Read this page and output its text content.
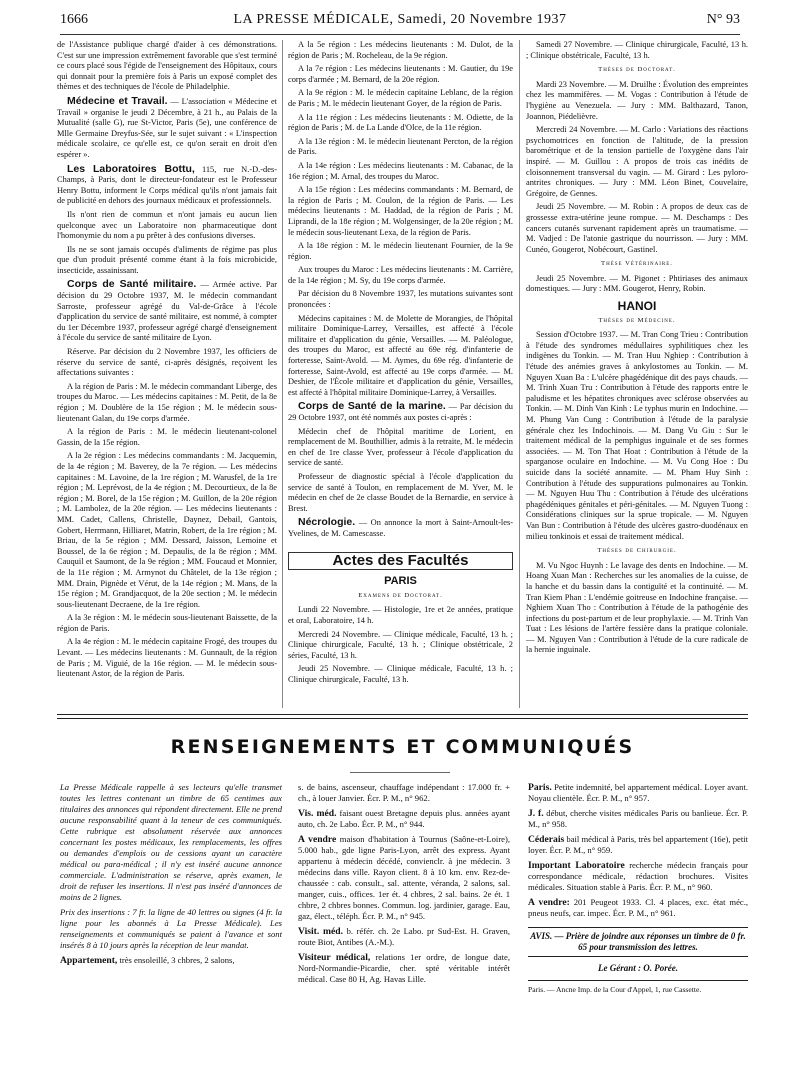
1666	LA PRESSE MÉDICALE, Samedi, 20 Novembre 1937	N° 93

de l'Assistance publique chargé d'aider à ces démonstrations. C'est sur une impression extrêmement favorable que s'est terminé ce cours placé sous l'égide de l'enseignement des Hôpitaux, cours qui donnait pour la première fois à Paris un exposé complet des thèmes et des techniques de l'école de Philadelphie.

Médecine et Travail. — L'association « Médecine et Travail » organise le jeudi 2 Décembre, à 21 h., au Palais de la Mutualité (salle G), rue St-Victor, Paris (5e), une conférence de Mlle Germaine Dreyfus-Sée, sur le sujet suivant : « L'inspection médicale scolaire, ce qu'elle est, ce qu'on serait en droit d'en espérer ».

Les Laboratoires Bottu, 115, rue N.-D.-des-Champs, à Paris, dont le directeur-fondateur est le Professeur Henry Bottu, informent le Corps médical qu'ils n'ont jamais fait de publicité en dehors des journaux médicaux et professionnels.

Ils n'ont rien de commun et n'ont jamais eu aucun lien quelconque avec un Laboratoire non pharmaceutique dont l'homonymie du nom a pu prêter à des confusions diverses.

Ils ne se sont jamais occupés d'aliments de régime pas plus que d'un produit présenté comme étant à la fois microbicide, insecticide, assainissant.

Corps de Santé militaire. — Armée active. Par décision du 29 Octobre 1937, M. le médecin commandant Sarroste, professeur agrégé du Val-de-Grâce à l'école d'application du service de santé militaire, est nommé, à compter du 1er Décembre 1937, professeur agrégé chargé d'enseignement à l'école du service de santé militaire de Lyon.

Réserve. Par décision du 2 Novembre 1937, les officiers de réserve du service de santé, ci-après désignés, reçoivent les affectations suivantes :

A la région de Paris : M. le médecin commandant Liberge, des troupes du Maroc. — Les médecins capitaines : M. Petit, de la 8e région ; M. Doublère de la 15e région ; M. le médecin sous-lieutenant Galan, du 19e corps d'armée.

A la région de Paris : M. le médecin lieutenant-colonel Gassin, de la 15e région.

A la 2e région : Les médecins commandants : M. Jacquemin, de la 4e région ; M. Baverey, de la 7e région. — Les médecins capitaines : M. Lavoine, de la 1re région ; M. Warusfel, de la 1re région ; M. Leprévost, de la 4e région ; M. Decourtieux, de la 8e région ; M. Borel, de la 15e région ; M. Guillon, de la 20e région ; M. Lambolez, de la 20e région. — Les médecins lieutenants : MM. Cadet, Callens, Christelle, Daynez, Debail, Gantois, Gobert, Herrmann, Hilliaret, Matrin, Robert, de la 1re région ; M. Briau, de la 5e région ; MM. Dessard, Jaisson, Lemoine et Boussel, de la 6e région ; M. Depaulis, de la 8e région ; MM. Cauquil et Saumont, de la 9e région ; MM. Foucaud et Monnier, de la 11e région ; M. Armynot du Châtelet, de la 13e région ; MM. Drain, Pignède et Vérut, de la 14e région ; M. Mans, de la 15e région ; M. Grandjacquot, de la 20e section ; M. le médecin sous-lieutenant Decraene, de la 1re région.

A la 3e région : M. le médecin sous-lieutenant Baissette, de la région de Paris.

A la 4e région : M. le médecin capitaine Frogé, des troupes du Levant. — Les médecins lieutenants : M. Gunnault, de la région de Paris ; M. Viguié, de la 16e région. — M. le médecin sous-lieutenant Astor, de la région de Paris.

A la 5e région : Les médecins lieutenants : M. Dulot, de la région de Paris ; M. Rocheleau, de la 9e région.

A la 7e région : Les médecins lieutenants : M. Gautier, du 19e corps d'armée ; M. Bernard, de la 20e région.

A la 9e région : M. le médecin capitaine Leblanc, de la région de Paris ; M. le médecin lieutenant Goyer, de la région de Paris.

A la 11e région : Les médecins lieutenants : M. Odiette, de la région de Paris ; M. de La Lande d'Olce, de la 11e région.

A la 13e région : M. le médecin lieutenant Percton, de la région de Paris.

A la 14e région : Les médecins lieutenants : M. Cabanac, de la 16e région ; M. Arnal, des troupes du Maroc.

A la 15e région : Les médecins commandants : M. Bernard, de la région de Paris ; M. Coulon, de la région de Paris. — Les médecins lieutenants : M. Haddad, de la région de Paris ; M. Liprandi, de la 18e région ; M. Wolgensinger, de la 20e région ; M. le médecin sous-lieutenant Lexa, de la région de Paris.

A la 18e région : M. le médecin lieutenant Fournier, de la 9e région.

Aux troupes du Maroc : Les médecins lieutenants : M. Carrière, de la 14e région ; M. Sy, du 19e corps d'armée.

Par décision du 8 Novembre 1937, les mutations suivantes sont prononcées :

Médecins capitaines : M. de Molette de Morangies, de l'hôpital militaire Dominique-Larrey, Versailles, est affecté à l'école militaire et d'application du génie, Versailles. — M. Paléologue, des troupes du Maroc, est affecté au 69e rég. d'infanterie de forteresse, Saint-Avold. — M. Aymes, du 69e rég. d'infanterie de forteresse, Saint-Avold, est affecté au 19e corps d'armée. — M. Deshier, de l'École militaire et d'application du génie, Versailles, est affecté à l'hôpital militaire Dominique-Larrey, à Versailles.

Corps de Santé de la marine. — Par décision du 29 Octobre 1937, ont été nommés aux postes ci-après :

Médecin chef de l'hôpital maritime de Lorient, en remplacement de M. Bouthillier, admis à la retraite, M. le médecin en chef de 1re classe Yver, professeur à l'école d'application du service de santé.

Professeur de diagnostic spécial à l'école d'application du service de santé à Toulon, en remplacement de M. Yver, M. le médecin en chef de 2e classe Boudet de la Bernardie, en service à Brest.

Nécrologie. — On annonce la mort à Saint-Arnoult-les-Yvelines, de M. Camescasse.

Actes des Facultés
PARIS
Examens de Doctorat.

Lundi 22 Novembre. — Histologie, 1re et 2e années, pratique et oral, Laboratoire, 14 h.

Mercredi 24 Novembre. — Clinique médicale, Faculté, 13 h. ; Clinique chirurgicale, Faculté, 13 h. ; Clinique obstétricale, 2 séries, Faculté, 13 h.

Jeudi 25 Novembre. — Clinique médicale, Faculté, 13 h. ; Clinique chirurgicale, Faculté, 13 h.

Samedi 27 Novembre. — Clinique chirurgicale, Faculté, 13 h. ; Clinique obstétricale, Faculté, 13 h.

Thèses de Doctorat.

Mardi 23 Novembre. — M. Druilhe : Évolution des empreintes chez les mammifères. — M. Vogas : Contribution à l'étude de l'hygiène au Venezuela. — Jury : MM. Balthazard, Tanon, Joannon, Piédelièvre.

Mercredi 24 Novembre. — M. Carlo : Variations des réactions psychomotrices en fonction de l'altitude, de la pression barométrique et de la tension partielle de l'oxygène dans l'air inspiré. — M. Guillou : A propos de trois cas inédits de cloisonnement transversal du vagin. — M. Girard : Les pyloro-antrites chroniques. — Jury : MM. Léon Binet, Couvelaire, Grégoire, de Gennes.

Jeudi 25 Novembre. — M. Robin : A propos de deux cas de grossesse extra-utérine jeune rompue. — M. Deschamps : Des cancers cutanés survenant rapidement après un traumatisme. — M. Vadjed : De l'atonie gastrique du nourrisson. — Jury : MM. Cunéo, Gougerot, Nobécourt, Gastinel.

Thèse Vétérinaire.

Jeudi 25 Novembre. — M. Pigonet : Phtiriases des animaux domestiques. — Jury : MM. Gougerot, Henry, Robin.

HANOI
Thèses de Médecine.

Session d'Octobre 1937. — M. Tran Cong Trieu : Contribution à l'étude des syndromes médullaires syphilitiques chez les indigènes du Tonkin. — M. Tran Huu Nghiep : Contribution à l'étude des anémies graves à ankylostomes au Tonkin. — M. Nguyen Xuan Ba : L'ulcère phagédénique dit des pays chauds. — M. Trinh Xuan Tru : Contribution à l'étude des rapports entre le paludisme et les hépatites chroniques avec sclérose observées au Tonkin. — M. Dinh Van Kinh : Le typhus murin en Indochine. — M. Phung Van Cung : Contribution à l'étude de la paralysie générale chez les Indochinois. — M. Dang Vu Giu : Sur le traitement médical de la pemphigus inguinale et de ses formes associées. — M. Ton That Hoat : Contribution à l'étude de la sparganose oculaire en Indochine. — M. Vu Cong Hoe : Du suicide dans la société annamite. — M. Pham Huy Sinh : Contribution à l'étude des suppurations pulmonaires au Tonkin. — M. Nguyen Huu Thu : Contribution à l'étude des ulcérations phagédéniques génitales et péri-génitales. — M. Nguyen Tuong : Considérations cliniques sur la sprue tropicale. — M. Nguyen Van Bun : Contribution à l'étude des ulcères gastro-duodénaux en milieu tonkinois et essai de traitement médical.

Thèses de Chirurgie.

M. Vu Ngoc Huynh : Le lavage des dents en Indochine. — M. Hoang Xuan Man : Recherches sur les anomalies de la cuisse, de la hanche et du bassin dans la contiguïté et la continuité. — M. Tran Kiem Phan : L'endémie goitreuse en Indochine française. — Nghiem Xuan Tho : Contribution à l'étude de la pathogénie des infections du post-partum et de leur prophylaxie. — M. Trinh Van Tuat : Les lésions de l'artère fessière dans la pratique coloniale. — M. Nguyen Van : Contribution à l'étude de la cure radicale de la hernie inguinale.

RENSEIGNEMENTS ET COMMUNIQUÉS

La Presse Médicale rappelle à ses lecteurs qu'elle transmet toutes les lettres contenant un timbre de 65 centimes aux titulaires des annonces qui répondent directement. Elle ne prend aucune responsabilité quant à la teneur de ces communiqués. Cette rubrique est absolument réservée aux annonces concernant les postes médicaux, les remplacements, les offres ou demandes d'emplois ou de cessions ayant un caractère médical ou para-médical ; il n'y est inséré aucune annonce commerciale. L'administration se réserve, après examen, le droit de refuser les insertions. Il n'est pas inséré d'annonces de moins de 2 lignes.

Prix des insertions : 7 fr. la ligne de 40 lettres ou signes (4 fr. la ligne pour les abonnés à La Presse Médicale). Les renseignements et communiqués se paient à l'avance et sont insérés 8 à 10 jours après la réception de leur mandat.

Appartement, très ensoleillé, 3 chbres, 2 salons,

s. de bains, ascenseur, chauffage indépendant : 17.000 fr. + ch., à louer Janvier. Écr. P. M., n° 962.

Vis. méd. faisant ouest Bretagne depuis plus. années ayant auto, ch. 2e Labo. Écr. P. M., n° 944.

A vendre maison d'habitation à Tournus (Saône-et-Loire), 5.000 hab., gde ligne Paris-Lyon, arrêt des express. Ayant appartenu à médecin décédé, convienclr. à jne médecin. 3 médecins dans ville. Rayon client. 8 à 10 km. env. Rez-de-chaussée : cab. consult., sal. attente, véranda, 2 salons, sal. manger, cuis., offices. 1er ét. 4 chbres, 2 sal. bains. 2e ét. 1 chbre, 2 chbres bonnes. Commun. log. jardinier, garage. Eau, gaz, élect., téléph. Écr. P. M., n° 945.

Visit. méd. b. référ. ch. 2e Labo. pr Sud-Est. H. Graven, route Biot, Antibes (A.-M.).

Visiteur médical, relations 1er ordre, de longue date, Nord-Normandie-Picardie, cher. spté véritable intérêt médical. Case 80 H, Ag. Havas Lille.

Paris. Petite indemnité, bel appartement médical. Loyer avant. Noyau clientèle. Écr. P. M., n° 957.

J. f. début, cherche visites médicales Paris ou banlieue. Écr. P. M., n° 958.

Céderais bail médical à Paris, très bel appartement (16e), petit loyer. Écr. P. M., n° 959.

Important Laboratoire recherche médecin français pour correspondance médicale, rédaction brochures. Visites médicales. Situation stable à Paris. Écr. P. M., n° 960.

A vendre: 201 Peugeot 1933. Cl. 4 places, exc. état méc., pneus neufs, car. impec. Écr. P. M., n° 961.

AVIS. — Prière de joindre aux réponses un timbre de 0 fr. 65 pour transmission des lettres.
Le Gérant : O. Porée.
Paris. — Ancne Imp. de la Cour d'Appel, 1, rue Cassette.
